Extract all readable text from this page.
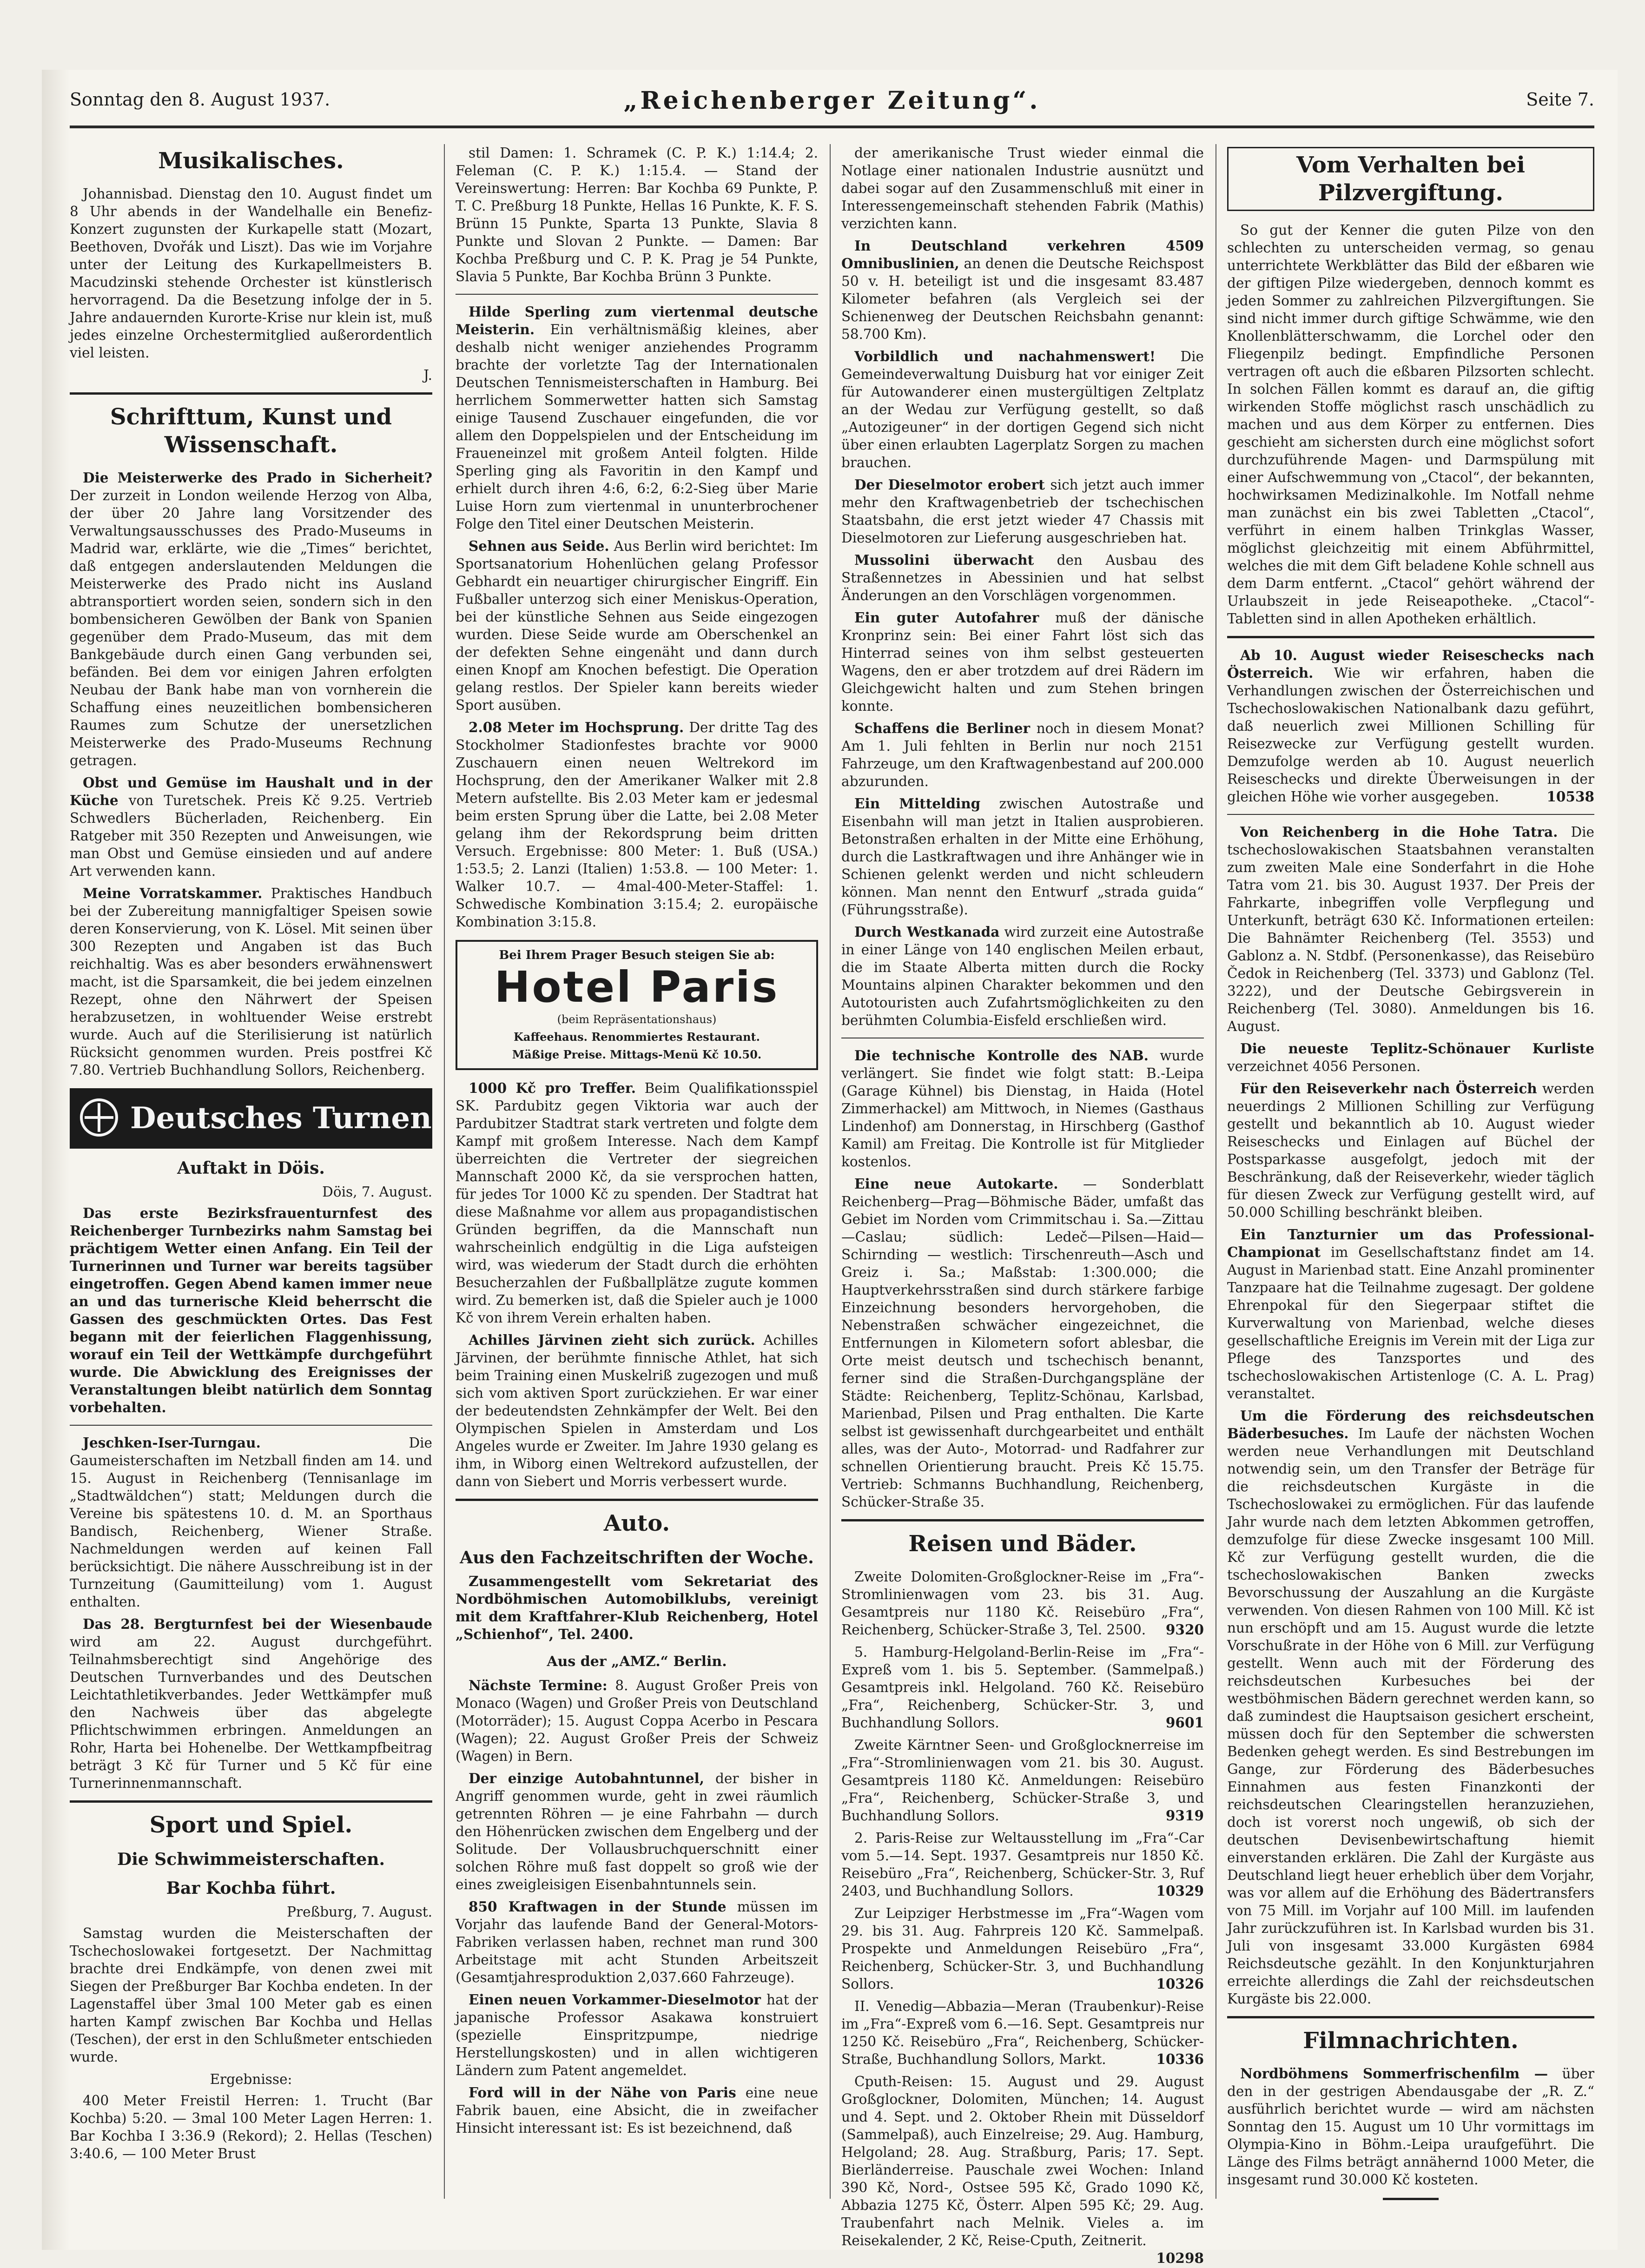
Sonntag den 8. August 1937.	„Reichenberger Zeitung“.	Seite 7.
Musikalisches.

Johannisbad. Dienstag den 10. August findet um 8 Uhr abends in der Wandelhalle ein Benefiz-Konzert zugunsten der Kurkapelle statt (Mozart, Beethoven, Dvořák und Liszt). Das wie im Vorjahre unter der Leitung des Kurkapellmeisters B. Macudzinski stehende Orchester ist künstlerisch hervorragend. Da die Besetzung infolge der in 5. Jahre andauernden Kurorte-Krise nur klein ist, muß jedes einzelne Orchestermitglied außerordentlich viel leisten.

J.
Schrifttum, Kunst und Wissenschaft.

Die Meisterwerke des Prado in Sicherheit? Der zurzeit in London weilende Herzog von Alba, der über 20 Jahre lang Vorsitzender des Verwaltungsausschusses des Prado-Museums in Madrid war, erklärte, wie die „Times“ berichtet, daß entgegen anderslautenden Meldungen die Meisterwerke des Prado nicht ins Ausland abtransportiert worden seien, sondern sich in den bombensicheren Gewölben der Bank von Spanien gegenüber dem Prado-Museum, das mit dem Bankgebäude durch einen Gang verbunden sei, befänden. Bei dem vor einigen Jahren erfolgten Neubau der Bank habe man von vornherein die Schaffung eines neuzeitlichen bombensicheren Raumes zum Schutze der unersetzlichen Meisterwerke des Prado-Museums Rechnung getragen.

Obst und Gemüse im Haushalt und in der Küche von Turetschek. Preis Kč 9.25. Vertrieb Schwedlers Bücherladen, Reichenberg. Ein Ratgeber mit 350 Rezepten und Anweisungen, wie man Obst und Gemüse einsieden und auf andere Art verwenden kann.

Meine Vorratskammer. Praktisches Handbuch bei der Zubereitung mannigfaltiger Speisen sowie deren Konservierung, von K. Lösel. Mit seinen über 300 Rezepten und Angaben ist das Buch reichhaltig. Was es aber besonders erwähnenswert macht, ist die Sparsamkeit, die bei jedem einzelnen Rezept, ohne den Nährwert der Speisen herabzusetzen, in wohltuender Weise erstrebt wurde. Auch auf die Sterilisierung ist natürlich Rücksicht genommen wurden. Preis postfrei Kč 7.80. Vertrieb Buchhandlung Sollors, Reichenberg.

Deutsches Turnen
Auftakt in Döis.
Döis, 7. August.

Das erste Bezirksfrauenturnfest des Reichenberger Turnbezirks nahm Samstag bei prächtigem Wetter einen Anfang. Ein Teil der Turnerinnen und Turner war bereits tagsüber eingetroffen. Gegen Abend kamen immer neue an und das turnerische Kleid beherrscht die Gassen des geschmückten Ortes. Das Fest begann mit der feierlichen Flaggenhissung, worauf ein Teil der Wettkämpfe durchgeführt wurde. Die Abwicklung des Ereignisses der Veranstaltungen bleibt natürlich dem Sonntag vorbehalten.

Jeschken-Iser-Turngau.	Die Gaumeisterschaften im Netzball finden am 14. und 15. August in Reichenberg (Tennisanlage im „Stadtwäldchen“) statt; Meldungen durch die Vereine bis spätestens 10. d. M. an Sporthaus Bandisch, Reichenberg, Wiener Straße. Nachmeldungen werden auf keinen Fall berücksichtigt. Die nähere Ausschreibung ist in der Turnzeitung (Gaumitteilung) vom 1. August enthalten.

Das 28. Bergturnfest bei der Wiesenbaude wird am 22. August durchgeführt. Teilnahmsberechtigt sind Angehörige des Deutschen Turnverbandes und des Deutschen Leichtathletikverbandes. Jeder Wettkämpfer muß den Nachweis über das abgelegte Pflichtschwimmen erbringen. Anmeldungen an Rohr, Harta bei Hohenelbe. Der Wettkampfbeitrag beträgt 3 Kč für Turner und 5 Kč für eine Turnerinnenmannschaft.

Sport und Spiel.
Die Schwimmeisterschaften.
Bar Kochba führt.
Preßburg, 7. August.

Samstag wurden die Meisterschaften der Tschechoslowakei fortgesetzt. Der Nachmittag brachte drei Endkämpfe, von denen zwei mit Siegen der Preßburger Bar Kochba endeten. In der Lagenstaffel über 3mal 100 Meter gab es einen harten Kampf zwischen Bar Kochba und Hellas (Teschen), der erst in den Schlußmeter entschieden wurde.

Ergebnisse:

400 Meter Freistil Herren: 1. Trucht (Bar Kochba) 5:20. — 3mal 100 Meter Lagen Herren: 1. Bar Kochba I 3:36.9 (Rekord); 2. Hellas (Teschen) 3:40.6, — 100 Meter Brust

stil Damen: 1. Schramek (C. P. K.) 1:14.4; 2. Feleman (C. P. K.) 1:15.4. — Stand der Vereinswertung: Herren: Bar Kochba 69 Punkte, P. T. C. Preßburg 18 Punkte, Hellas 16 Punkte, K. F. S. Brünn 15 Punkte, Sparta 13 Punkte, Slavia 8 Punkte und Slovan 2 Punkte. — Damen: Bar Kochba Preßburg und C. P. K. Prag je 54 Punkte, Slavia 5 Punkte, Bar Kochba Brünn 3 Punkte.

Hilde Sperling zum viertenmal deutsche Meisterin. Ein verhältnismäßig kleines, aber deshalb nicht weniger anziehendes Programm brachte der vorletzte Tag der Internationalen Deutschen Tennismeisterschaften in Hamburg. Bei herrlichem Sommerwetter hatten sich Samstag einige Tausend Zuschauer eingefunden, die vor allem den Doppelspielen und der Entscheidung im Fraueneinzel mit großem Anteil folgten. Hilde Sperling ging als Favoritin in den Kampf und erhielt durch ihren 4:6, 6:2, 6:2-Sieg über Marie Luise Horn zum viertenmal in ununterbrochener Folge den Titel einer Deutschen Meisterin.

Sehnen aus Seide. Aus Berlin wird berichtet: Im Sportsanatorium Hohenlüchen gelang Professor Gebhardt ein neuartiger chirurgischer Eingriff. Ein Fußballer unterzog sich einer Meniskus-Operation, bei der künstliche Sehnen aus Seide eingezogen wurden. Diese Seide wurde am Oberschenkel an der defekten Sehne eingenäht und dann durch einen Knopf am Knochen befestigt. Die Operation gelang restlos. Der Spieler kann bereits wieder Sport ausüben.

2.08 Meter im Hochsprung. Der dritte Tag des Stockholmer Stadionfestes brachte vor 9000 Zuschauern einen neuen Weltrekord im Hochsprung, den der Amerikaner Walker mit 2.8 Metern aufstellte. Bis 2.03 Meter kam er jedesmal beim ersten Sprung über die Latte, bei 2.08 Meter gelang ihm der Rekordsprung beim dritten Versuch. Ergebnisse: 800 Meter: 1. Buß (USA.) 1:53.5; 2. Lanzi (Italien) 1:53.8. — 100 Meter: 1. Walker 10.7. — 4mal-400-Meter-Staffel: 1. Schwedische Kombination 3:15.4; 2. europäische Kombination 3:15.8.

Bei Ihrem Prager Besuch steigen Sie ab:
Hotel Paris
(beim Repräsentationshaus)
Kaffeehaus. Renommiertes Restaurant.
Mäßige Preise. Mittags-Menü Kč 10.50.

1000 Kč pro Treffer. Beim Qualifikationsspiel SK. Pardubitz gegen Viktoria war auch der Pardubitzer Stadtrat stark vertreten und folgte dem Kampf mit großem Interesse. Nach dem Kampf überreichten die Vertreter der siegreichen Mannschaft 2000 Kč, da sie versprochen hatten, für jedes Tor 1000 Kč zu spenden. Der Stadtrat hat diese Maßnahme vor allem aus propagandistischen Gründen begriffen, da die Mannschaft nun wahrscheinlich endgültig in die Liga aufsteigen wird, was wiederum der Stadt durch die erhöhten Besucherzahlen der Fußballplätze zugute kommen wird. Zu bemerken ist, daß die Spieler auch je 1000 Kč von ihrem Verein erhalten haben.

Achilles Järvinen zieht sich zurück. Achilles Järvinen, der berühmte finnische Athlet, hat sich beim Training einen Muskelriß zugezogen und muß sich vom aktiven Sport zurückziehen. Er war einer der bedeutendsten Zehnkämpfer der Welt. Bei den Olympischen Spielen in Amsterdam und Los Angeles wurde er Zweiter. Im Jahre 1930 gelang es ihm, in Wiborg einen Weltrekord aufzustellen, der dann von Siebert und Morris verbessert wurde.

Auto.
Aus den Fachzeitschriften der Woche.

Zusammengestellt vom Sekretariat des Nordböhmischen Automobilklubs, vereinigt mit dem Kraftfahrer-Klub Reichenberg, Hotel „Schienhof“, Tel. 2400.

Aus der „AMZ.“ Berlin.

Nächste Termine: 8. August Großer Preis von Monaco (Wagen) und Großer Preis von Deutschland (Motorräder); 15. August Coppa Acerbo in Pescara (Wagen); 22. August Großer Preis der Schweiz (Wagen) in Bern.

Der einzige Autobahntunnel, der bisher in Angriff genommen wurde, geht in zwei räumlich getrennten Röhren — je eine Fahrbahn — durch den Höhenrücken zwischen dem Engelberg und der Solitude. Der Vollausbruchquerschnitt einer solchen Röhre muß fast doppelt so groß wie der eines zweigleisigen Eisenbahntunnels sein.

850 Kraftwagen in der Stunde müssen im Vorjahr das laufende Band der General-Motors-Fabriken verlassen haben, rechnet man rund 300 Arbeitstage mit acht Stunden Arbeitszeit (Gesamtjahresproduktion 2,037.660 Fahrzeuge).

Einen neuen Vorkammer-Dieselmotor hat der japanische Professor Asakawa konstruiert (spezielle Einspritzpumpe, niedrige Herstellungskosten) und in allen wichtigeren Ländern zum Patent angemeldet.

Ford will in der Nähe von Paris eine neue Fabrik bauen, eine Absicht, die in zweifacher Hinsicht interessant ist: Es ist bezeichnend, daß

der amerikanische Trust wieder einmal die Notlage einer nationalen Industrie ausnützt und dabei sogar auf den Zusammenschluß mit einer in Interessengemeinschaft stehenden Fabrik (Mathis) verzichten kann.

In Deutschland verkehren 4509 Omnibuslinien, an denen die Deutsche Reichspost 50 v. H. beteiligt ist und die insgesamt 83.487 Kilometer befahren (als Vergleich sei der Schienenweg der Deutschen Reichsbahn genannt: 58.700 Km).

Vorbildlich und nachahmenswert! Die Gemeindeverwaltung Duisburg hat vor einiger Zeit für Autowanderer einen mustergültigen Zeltplatz an der Wedau zur Verfügung gestellt, so daß „Autozigeuner“ in der dortigen Gegend sich nicht über einen erlaubten Lagerplatz Sorgen zu machen brauchen.

Der Dieselmotor erobert sich jetzt auch immer mehr den Kraftwagenbetrieb der tschechischen Staatsbahn, die erst jetzt wieder 47 Chassis mit Dieselmotoren zur Lieferung ausgeschrieben hat.

Mussolini überwacht den Ausbau des Straßennetzes in Abessinien und hat selbst Änderungen an den Vorschlägen vorgenommen.

Ein guter Autofahrer muß der dänische Kronprinz sein: Bei einer Fahrt löst sich das Hinterrad seines von ihm selbst gesteuerten Wagens, den er aber trotzdem auf drei Rädern im Gleichgewicht halten und zum Stehen bringen konnte.

Schaffens die Berliner noch in diesem Monat? Am 1. Juli fehlten in Berlin nur noch 2151 Fahrzeuge, um den Kraftwagenbestand auf 200.000 abzurunden.

Ein Mittelding zwischen Autostraße und Eisenbahn will man jetzt in Italien ausprobieren. Betonstraßen erhalten in der Mitte eine Erhöhung, durch die Lastkraftwagen und ihre Anhänger wie in Schienen gelenkt werden und nicht schleudern können. Man nennt den Entwurf „strada guida“ (Führungsstraße).

Durch Westkanada wird zurzeit eine Autostraße in einer Länge von 140 englischen Meilen erbaut, die im Staate Alberta mitten durch die Rocky Mountains alpinen Charakter bekommen und den Autotouristen auch Zufahrtsmöglichkeiten zu den berühmten Columbia-Eisfeld erschließen wird.

Die technische Kontrolle des NAB. wurde verlängert. Sie findet wie folgt statt: B.-Leipa (Garage Kühnel) bis Dienstag, in Haida (Hotel Zimmerhackel) am Mittwoch, in Niemes (Gasthaus Lindenhof) am Donnerstag, in Hirschberg (Gasthof Kamil) am Freitag. Die Kontrolle ist für Mitglieder kostenlos.

Eine neue Autokarte. — Sonderblatt Reichenberg—Prag—Böhmische Bäder, umfaßt das Gebiet im Norden vom Crimmitschau i. Sa.—Zittau—Caslau; südlich: Ledeč—Pilsen—Haid—Schirnding — westlich: Tirschenreuth—Asch und Greiz i. Sa.; Maßstab: 1:300.000; die Hauptverkehrsstraßen sind durch stärkere farbige Einzeichnung besonders hervorgehoben, die Nebenstraßen schwächer eingezeichnet, die Entfernungen in Kilometern sofort ablesbar, die Orte meist deutsch und tschechisch benannt, ferner sind die Straßen-Durchgangspläne der Städte: Reichenberg, Teplitz-Schönau, Karlsbad, Marienbad, Pilsen und Prag enthalten. Die Karte selbst ist gewissenhaft durchgearbeitet und enthält alles, was der Auto-, Motorrad- und Radfahrer zur schnellen Orientierung braucht. Preis Kč 15.75. Vertrieb: Schmanns Buchhandlung, Reichenberg, Schücker-Straße 35.

Reisen und Bäder.

Zweite Dolomiten-Großglockner-Reise im „Fra“-Stromlinienwagen vom 23. bis 31. Aug. Gesamtpreis nur 1180 Kč. Reisebüro „Fra“, Reichenberg, Schücker-Straße 3, Tel. 2500.	9320

5. Hamburg-Helgoland-Berlin-Reise im „Fra“-Expreß vom 1. bis 5. September. (Sammelpaß.) Gesamtpreis inkl. Helgoland. 760 Kč. Reisebüro „Fra“, Reichenberg, Schücker-Str. 3, und Buchhandlung Sollors.	9601

Zweite Kärntner Seen- und Großglocknerreise im „Fra“-Stromlinienwagen vom 21. bis 30. August. Gesamtpreis 1180 Kč. Anmeldungen: Reisebüro „Fra“, Reichenberg, Schücker-Straße 3, und Buchhandlung Sollors.	9319

2. Paris-Reise zur Weltausstellung im „Fra“-Car vom 5.—14. Sept. 1937. Gesamtpreis nur 1850 Kč. Reisebüro „Fra“, Reichenberg, Schücker-Str. 3, Ruf 2403, und Buchhandlung Sollors.	10329

Zur Leipziger Herbstmesse im „Fra“-Wagen vom 29. bis 31. Aug. Fahrpreis 120 Kč. Sammelpaß. Prospekte und Anmeldungen Reisebüro „Fra“, Reichenberg, Schücker-Str. 3, und Buchhandlung Sollors.	10326

II. Venedig—Abbazia—Meran (Traubenkur)-Reise im „Fra“-Expreß vom 6.—16. Sept. Gesamtpreis nur 1250 Kč. Reisebüro „Fra“, Reichenberg, Schücker-Straße, Buchhandlung Sollors, Markt.	10336

Cputh-Reisen: 15. August und 29. August Großglockner, Dolomiten, München; 14. August und 4. Sept. und 2. Oktober Rhein mit Düsseldorf (Sammelpaß), auch Einzelreise; 29. Aug. Hamburg, Helgoland; 28. Aug. Straßburg, Paris; 17. Sept. Bierländerreise. Pauschale zwei Wochen: Inland 390 Kč, Nord-, Ostsee 595 Kč, Grado 1090 Kč, Abbazia 1275 Kč, Österr. Alpen 595 Kč; 29. Aug. Traubenfahrt nach Melnik. Vieles a. im Reisekalender, 2 Kč, Reise-Cputh, Zeitnerit.
10298

Vom Verhalten bei Pilzvergiftung.

So gut der Kenner die guten Pilze von den schlechten zu unterscheiden vermag, so genau unterrichtete Werkblätter das Bild der eßbaren wie der giftigen Pilze wiedergeben, dennoch kommt es jeden Sommer zu zahlreichen Pilzvergiftungen. Sie sind nicht immer durch giftige Schwämme, wie den Knollenblätterschwamm, die Lorchel oder den Fliegenpilz bedingt. Empfindliche Personen vertragen oft auch die eßbaren Pilzsorten schlecht. In solchen Fällen kommt es darauf an, die giftig wirkenden Stoffe möglichst rasch unschädlich zu machen und aus dem Körper zu entfernen. Dies geschieht am sichersten durch eine möglichst sofort durchzuführende Magen- und Darmspülung mit einer Aufschwemmung von „Ctacol“, der bekannten, hochwirksamen Medizinalkohle. Im Notfall nehme man zunächst ein bis zwei Tabletten „Ctacol“, verführt in einem halben Trinkglas Wasser, möglichst gleichzeitig mit einem Abführmittel, welches die mit dem Gift beladene Kohle schnell aus dem Darm entfernt. „Ctacol“ gehört während der Urlaubszeit in jede Reiseapotheke. „Ctacol“-Tabletten sind in allen Apotheken erhältlich.

Ab 10. August wieder Reiseschecks nach Österreich. Wie wir erfahren, haben die Verhandlungen zwischen der Österreichischen und Tschechoslowakischen Nationalbank dazu geführt, daß neuerlich zwei Millionen Schilling für Reisezwecke zur Verfügung gestellt wurden. Demzufolge werden ab 10. August neuerlich Reiseschecks und direkte Überweisungen in der gleichen Höhe wie vorher ausgegeben.	10538

Von Reichenberg in die Hohe Tatra. Die tschechoslowakischen Staatsbahnen veranstalten zum zweiten Male eine Sonderfahrt in die Hohe Tatra vom 21. bis 30. August 1937. Der Preis der Fahrkarte, inbegriffen volle Verpflegung und Unterkunft, beträgt 630 Kč. Informationen erteilen: Die Bahnämter Reichenberg (Tel. 3553) und Gablonz a. N. Stdbf. (Personenkasse), das Reisebüro Čedok in Reichenberg (Tel. 3373) und Gablonz (Tel. 3222), und der Deutsche Gebirgsverein in Reichenberg (Tel. 3080). Anmeldungen bis 16. August.

Die neueste Teplitz-Schönauer Kurliste verzeichnet 4056 Personen.

Für den Reiseverkehr nach Österreich werden neuerdings 2 Millionen Schilling zur Verfügung gestellt und bekanntlich ab 10. August wieder Reiseschecks und Einlagen auf Büchel der Postsparkasse ausgefolgt, jedoch mit der Beschränkung, daß der Reiseverkehr, wieder täglich für diesen Zweck zur Verfügung gestellt wird, auf 50.000 Schilling beschränkt bleiben.

Ein Tanzturnier um das Professional-Championat im Gesellschaftstanz findet am 14. August in Marienbad statt. Eine Anzahl prominenter Tanzpaare hat die Teilnahme zugesagt. Der goldene Ehrenpokal für den Siegerpaar stiftet die Kurverwaltung von Marienbad, welche dieses gesellschaftliche Ereignis im Verein mit der Liga zur Pflege des Tanzsportes und des tschechoslowakischen Artistenloge (C. A. L. Prag) veranstaltet.

Um die Förderung des reichsdeutschen Bäderbesuches. Im Laufe der nächsten Wochen werden neue Verhandlungen mit Deutschland notwendig sein, um den Transfer der Beträge für die reichsdeutschen Kurgäste in die Tschechoslowakei zu ermöglichen. Für das laufende Jahr wurde nach dem letzten Abkommen getroffen, demzufolge für diese Zwecke insgesamt 100 Mill. Kč zur Verfügung gestellt wurden, die die tschechoslowakischen Banken zwecks Bevorschussung der Auszahlung an die Kurgäste verwenden. Von diesen Rahmen von 100 Mill. Kč ist nun erschöpft und am 15. August wurde die letzte Vorschußrate in der Höhe von 6 Mill. zur Verfügung gestellt. Wenn auch mit der Förderung des reichsdeutschen Kurbesuches bei der westböhmischen Bädern gerechnet werden kann, so daß zumindest die Hauptsaison gesichert erscheint, müssen doch für den September die schwersten Bedenken gehegt werden. Es sind Bestrebungen im Gange, zur Förderung des Bäderbesuches Einnahmen aus festen Finanzkonti der reichsdeutschen Clearingstellen heranzuziehen, doch ist vorerst noch ungewiß, ob sich der deutschen Devisenbewirtschaftung hiemit einverstanden erklären. Die Zahl der Kurgäste aus Deutschland liegt heuer erheblich über dem Vorjahr, was vor allem auf die Erhöhung des Bädertransfers von 75 Mill. im Vorjahr auf 100 Mill. im laufenden Jahr zurückzuführen ist. In Karlsbad wurden bis 31. Juli von insgesamt 33.000 Kurgästen 6984 Reichsdeutsche gezählt. In den Konjunkturjahren erreichte allerdings die Zahl der reichsdeutschen Kurgäste bis 22.000.

Filmnachrichten.

Nordböhmens Sommerfrischenfilm — über den in der gestrigen Abendausgabe der „R. Z.“ ausführlich berichtet wurde — wird am nächsten Sonntag den 15. August um 10 Uhr vormittags im Olympia-Kino in Böhm.-Leipa uraufgeführt. Die Länge des Films beträgt annähernd 1000 Meter, die insgesamt rund 30.000 Kč kosteten.
